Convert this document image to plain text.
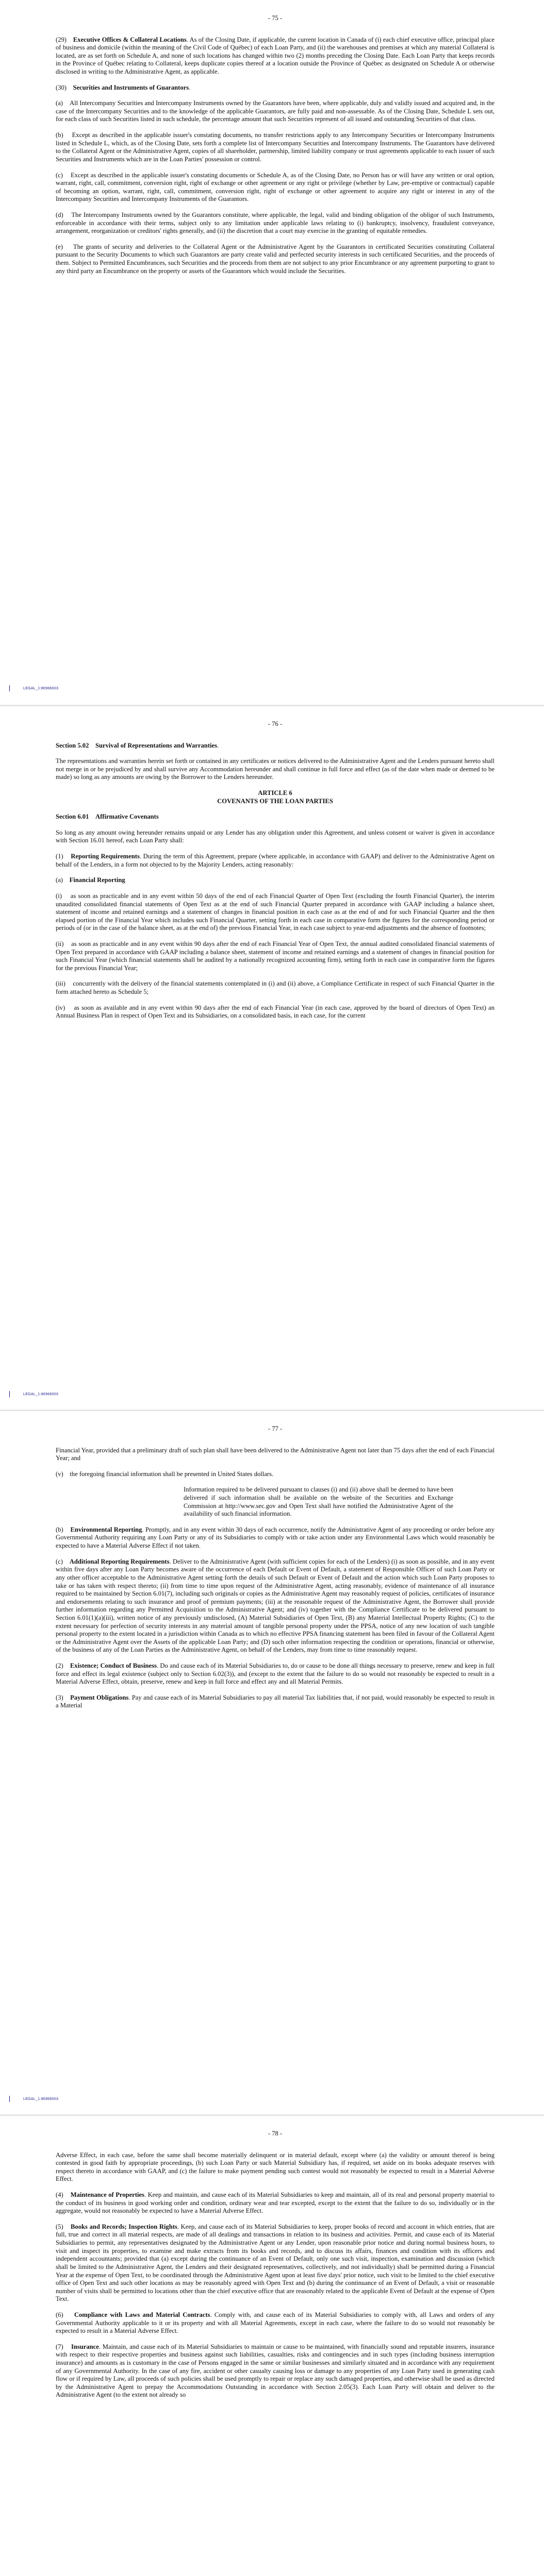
- 75 -

(29) Executive Offices & Collateral Locations. As of the Closing Date, if applicable, the current location in Canada of (i) each chief executive office, principal place of business and domicile (within the meaning of the Civil Code of Québec) of each Loan Party, and (ii) the warehouses and premises at which any material Collateral is located, are as set forth on Schedule A, and none of such locations has changed within two (2) months preceding the Closing Date. Each Loan Party that keeps records in the Province of Québec relating to Collateral, keeps duplicate copies thereof at a location outside the Province of Québec as designated on Schedule A or otherwise disclosed in writing to the Administrative Agent, as applicable.

(30) Securities and Instruments of Guarantors.

(a) All Intercompany Securities and Intercompany Instruments owned by the Guarantors have been, where applicable, duly and validly issued and acquired and, in the case of the Intercompany Securities and to the knowledge of the applicable Guarantors, are fully paid and non-assessable. As of the Closing Date, Schedule L sets out, for each class of such Securities listed in such schedule, the percentage amount that such Securities represent of all issued and outstanding Securities of that class.

(b) Except as described in the applicable issuer's constating documents, no transfer restrictions apply to any Intercompany Securities or Intercompany Instruments listed in Schedule L, which, as of the Closing Date, sets forth a complete list of Intercompany Securities and Intercompany Instruments. The Guarantors have delivered to the Collateral Agent or the Administrative Agent, copies of all shareholder, partnership, limited liability company or trust agreements applicable to each issuer of such Securities and Instruments which are in the Loan Parties' possession or control.

(c) Except as described in the applicable issuer's constating documents or Schedule A, as of the Closing Date, no Person has or will have any written or oral option, warrant, right, call, commitment, conversion right, right of exchange or other agreement or any right or privilege (whether by Law, pre-emptive or contractual) capable of becoming an option, warrant, right, call, commitment, conversion right, right of exchange or other agreement to acquire any right or interest in any of the Intercompany Securities and Intercompany Instruments of the Guarantors.

(d) The Intercompany Instruments owned by the Guarantors constitute, where applicable, the legal, valid and binding obligation of the obligor of such Instruments, enforceable in accordance with their terms, subject only to any limitation under applicable laws relating to (i) bankruptcy, insolvency, fraudulent conveyance, arrangement, reorganization or creditors' rights generally, and (ii) the discretion that a court may exercise in the granting of equitable remedies.

(e) The grants of security and deliveries to the Collateral Agent or the Administrative Agent by the Guarantors in certificated Securities constituting Collateral pursuant to the Security Documents to which such Guarantors are party create valid and perfected security interests in such certificated Securities, and the proceeds of them. Subject to Permitted Encumbrances, such Securities and the proceeds from them are not subject to any prior Encumbrance or any agreement purporting to grant to any third party an Encumbrance on the property or assets of the Guarantors which would include the Securities.

LEGAL_1:86966003
- 76 -

Section 5.02 Survival of Representations and Warranties.

The representations and warranties herein set forth or contained in any certificates or notices delivered to the Administrative Agent and the Lenders pursuant hereto shall not merge in or be prejudiced by and shall survive any Accommodation hereunder and shall continue in full force and effect (as of the date when made or deemed to be made) so long as any amounts are owing by the Borrower to the Lenders hereunder.

ARTICLE 6

COVENANTS OF THE LOAN PARTIES

Section 6.01 Affirmative Covenants

So long as any amount owing hereunder remains unpaid or any Lender has any obligation under this Agreement, and unless consent or waiver is given in accordance with Section 16.01 hereof, each Loan Party shall:

(1) Reporting Requirements. During the term of this Agreement, prepare (where applicable, in accordance with GAAP) and deliver to the Administrative Agent on behalf of the Lenders, in a form not objected to by the Majority Lenders, acting reasonably:

(a) Financial Reporting

(i) as soon as practicable and in any event within 50 days of the end of each Financial Quarter of Open Text (excluding the fourth Financial Quarter), the interim unaudited consolidated financial statements of Open Text as at the end of such Financial Quarter prepared in accordance with GAAP including a balance sheet, statement of income and retained earnings and a statement of changes in financial position in each case as at the end of and for such Financial Quarter and the then elapsed portion of the Financial Year which includes such Financial Quarter, setting forth in each case in comparative form the figures for the corresponding period or periods of (or in the case of the balance sheet, as at the end of) the previous Financial Year, in each case subject to year-end adjustments and the absence of footnotes;

(ii) as soon as practicable and in any event within 90 days after the end of each Financial Year of Open Text, the annual audited consolidated financial statements of Open Text prepared in accordance with GAAP including a balance sheet, statement of income and retained earnings and a statement of changes in financial position for such Financial Year (which financial statements shall be audited by a nationally recognized accounting firm), setting forth in each case in comparative form the figures for the previous Financial Year;

(iii) concurrently with the delivery of the financial statements contemplated in (i) and (ii) above, a Compliance Certificate in respect of such Financial Quarter in the form attached hereto as Schedule 5;

(iv) as soon as available and in any event within 90 days after the end of each Financial Year (in each case, approved by the board of directors of Open Text) an Annual Business Plan in respect of Open Text and its Subsidiaries, on a consolidated basis, in each case, for the current

LEGAL_1:86966003
- 77 -

Financial Year, provided that a preliminary draft of such plan shall have been delivered to the Administrative Agent not later than 75 days after the end of each Financial Year; and

(v) the foregoing financial information shall be presented in United States dollars.

Information required to be delivered pursuant to clauses (i) and (ii) above shall be deemed to have been delivered if such information shall be available on the website of the Securities and Exchange Commission at http://www.sec.gov and Open Text shall have notified the Administrative Agent of the availability of such financial information.

(b) Environmental Reporting. Promptly, and in any event within 30 days of each occurrence, notify the Administrative Agent of any proceeding or order before any Governmental Authority requiring any Loan Party or any of its Subsidiaries to comply with or take action under any Environmental Laws which would reasonably be expected to have a Material Adverse Effect if not taken.

(c) Additional Reporting Requirements. Deliver to the Administrative Agent (with sufficient copies for each of the Lenders) (i) as soon as possible, and in any event within five days after any Loan Party becomes aware of the occurrence of each Default or Event of Default, a statement of Responsible Officer of such Loan Party or any other officer acceptable to the Administrative Agent setting forth the details of such Default or Event of Default and the action which such Loan Party proposes to take or has taken with respect thereto; (ii) from time to time upon request of the Administrative Agent, acting reasonably, evidence of maintenance of all insurance required to be maintained by Section 6.01(7), including such originals or copies as the Administrative Agent may reasonably request of policies, certificates of insurance and endorsements relating to such insurance and proof of premium payments; (iii) at the reasonable request of the Administrative Agent, the Borrower shall provide further information regarding any Permitted Acquisition to the Administrative Agent; and (iv) together with the Compliance Certificate to be delivered pursuant to Section 6.01(1)(a)(iii), written notice of any previously undisclosed, (A) Material Subsidiaries of Open Text, (B) any Material Intellectual Property Rights; (C) to the extent necessary for perfection of security interests in any material amount of tangible personal property under the PPSA, notice of any new location of such tangible personal property to the extent located in a jurisdiction within Canada as to which no effective PPSA financing statement has been filed in favour of the Collateral Agent or the Administrative Agent over the Assets of the applicable Loan Party; and (D) such other information respecting the condition or operations, financial or otherwise, of the business of any of the Loan Parties as the Administrative Agent, on behalf of the Lenders, may from time to time reasonably request.

(2) Existence; Conduct of Business. Do and cause each of its Material Subsidiaries to, do or cause to be done all things necessary to preserve, renew and keep in full force and effect its legal existence (subject only to Section 6.02(3)), and (except to the extent that the failure to do so would not reasonably be expected to result in a Material Adverse Effect, obtain, preserve, renew and keep in full force and effect any and all Material Permits.

(3) Payment Obligations. Pay and cause each of its Material Subsidiaries to pay all material Tax liabilities that, if not paid, would reasonably be expected to result in a Material

LEGAL_1:86966003
- 78 -

Adverse Effect, in each case, before the same shall become materially delinquent or in material default, except where (a) the validity or amount thereof is being contested in good faith by appropriate proceedings, (b) such Loan Party or such Material Subsidiary has, if required, set aside on its books adequate reserves with respect thereto in accordance with GAAP, and (c) the failure to make payment pending such contest would not reasonably be expected to result in a Material Adverse Effect.

(4) Maintenance of Properties. Keep and maintain, and cause each of its Material Subsidiaries to keep and maintain, all of its real and personal property material to the conduct of its business in good working order and condition, ordinary wear and tear excepted, except to the extent that the failure to do so, individually or in the aggregate, would not reasonably be expected to have a Material Adverse Effect.

(5) Books and Records; Inspection Rights. Keep, and cause each of its Material Subsidiaries to keep, proper books of record and account in which entries, that are full, true and correct in all material respects, are made of all dealings and transactions in relation to its business and activities. Permit, and cause each of its Material Subsidiaries to permit, any representatives designated by the Administrative Agent or any Lender, upon reasonable prior notice and during normal business hours, to visit and inspect its properties, to examine and make extracts from its books and records, and to discuss its affairs, finances and condition with its officers and independent accountants; provided that (a) except during the continuance of an Event of Default, only one such visit, inspection, examination and discussion (which shall be limited to the Administrative Agent, the Lenders and their designated representatives, collectively, and not individually) shall be permitted during a Financial Year at the expense of Open Text, to be coordinated through the Administrative Agent upon at least five days' prior notice, such visit to be limited to the chief executive office of Open Text and such other locations as may be reasonably agreed with Open Text and (b) during the continuance of an Event of Default, a visit or reasonable number of visits shall be permitted to locations other than the chief executive office that are reasonably related to the applicable Event of Default at the expense of Open Text.

(6) Compliance with Laws and Material Contracts. Comply with, and cause each of its Material Subsidiaries to comply with, all Laws and orders of any Governmental Authority applicable to it or its property and with all Material Agreements, except in each case, where the failure to do so would not reasonably be expected to result in a Material Adverse Effect.

(7) Insurance. Maintain, and cause each of its Material Subsidiaries to maintain or cause to be maintained, with financially sound and reputable insurers, insurance with respect to their respective properties and business against such liabilities, casualties, risks and contingencies and in such types (including business interruption insurance) and amounts as is customary in the case of Persons engaged in the same or similar businesses and similarly situated and in accordance with any requirement of any Governmental Authority. In the case of any fire, accident or other casualty causing loss or damage to any properties of any Loan Party used in generating cash flow or if required by Law, all proceeds of such policies shall be used promptly to repair or replace any such damaged properties, and otherwise shall be used as directed by the Administrative Agent to prepay the Accommodations Outstanding in accordance with Section 2.05(3). Each Loan Party will obtain and deliver to the Administrative Agent (to the extent not already so
